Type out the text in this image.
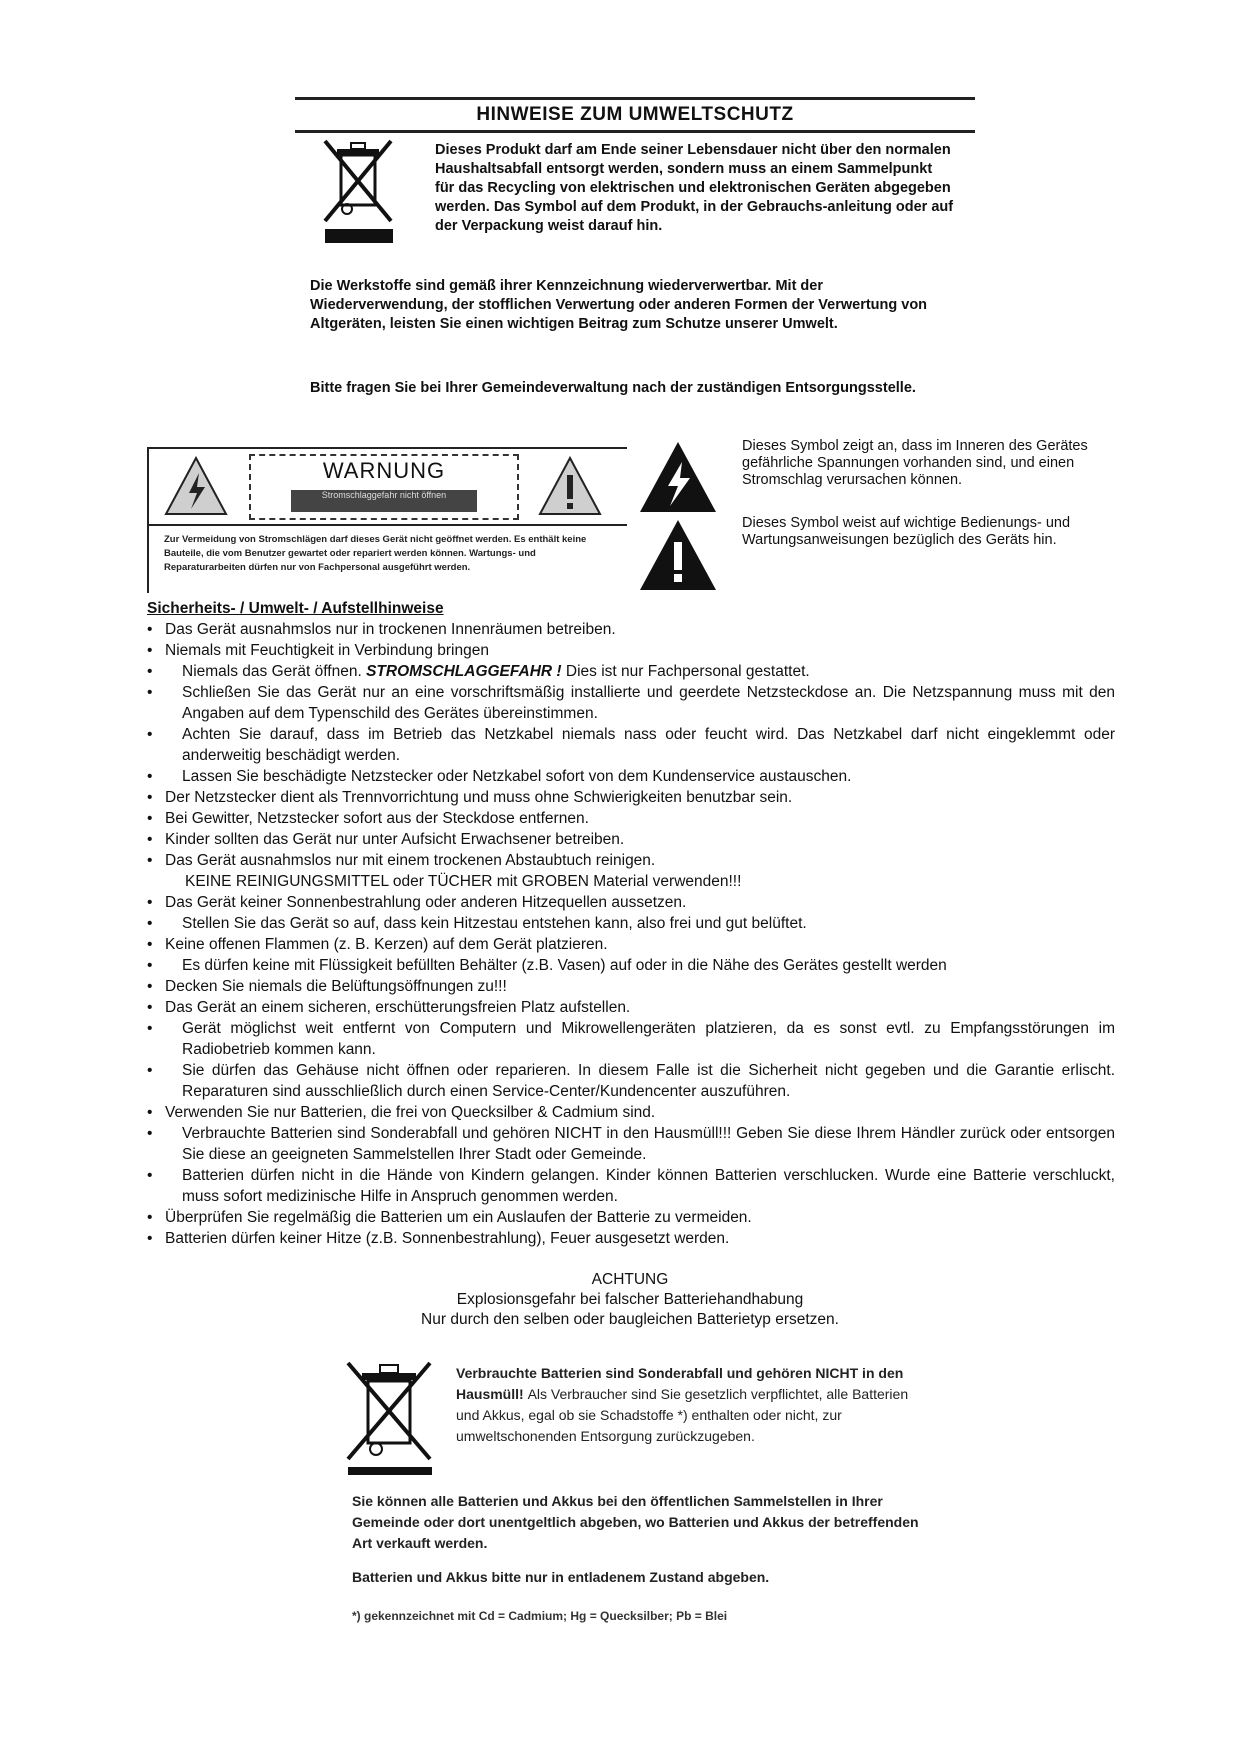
HINWEISE ZUM UMWELTSCHUTZ
Dieses Produkt darf am Ende seiner Lebensdauer nicht über den normalen Haushaltsabfall entsorgt werden, sondern muss an einem Sammelpunkt für das Recycling von elektrischen und elektronischen Geräten abgegeben werden. Das Symbol auf dem Produkt, in der Gebrauchs-anleitung oder auf der Verpackung weist darauf hin.
Die Werkstoffe sind gemäß ihrer Kennzeichnung wiederverwertbar. Mit der Wiederverwendung, der stofflichen Verwertung oder anderen Formen der Verwertung von Altgeräten, leisten Sie einen wichtigen Beitrag zum Schutze unserer Umwelt.
Bitte fragen Sie bei Ihrer Gemeindeverwaltung nach der zuständigen Entsorgungsstelle.
WARNUNG
Stromschlaggefahr nicht öffnen
Zur Vermeidung von Stromschlägen darf dieses Gerät nicht geöffnet werden. Es enthält keine Bauteile, die vom Benutzer gewartet oder repariert werden können. Wartungs- und Reparaturarbeiten dürfen nur von Fachpersonal ausgeführt werden.
Dieses Symbol zeigt an, dass im Inneren des Gerätes gefährliche Spannungen vorhanden sind, und einen Stromschlag verursachen können.
Dieses Symbol weist auf wichtige Bedienungs- und Wartungsanweisungen bezüglich des Geräts hin.
Sicherheits- / Umwelt- / Aufstellhinweise
• Das Gerät ausnahmslos nur in trockenen Innenräumen betreiben.
• Niemals mit Feuchtigkeit in Verbindung bringen
• Niemals das Gerät öffnen. STROMSCHLAGGEFAHR ! Dies ist nur Fachpersonal gestattet.
• Schließen Sie das Gerät nur an eine vorschriftsmäßig installierte und geerdete Netzsteckdose an. Die Netzspannung muss mit den Angaben auf dem Typenschild des Gerätes übereinstimmen.
• Achten Sie darauf, dass im Betrieb das Netzkabel niemals nass oder feucht wird. Das Netzkabel darf nicht eingeklemmt oder anderweitig beschädigt werden.
• Lassen Sie beschädigte Netzstecker oder Netzkabel sofort von dem Kundenservice austauschen.
• Der Netzstecker dient als Trennvorrichtung und muss ohne Schwierigkeiten benutzbar sein.
• Bei Gewitter, Netzstecker sofort aus der Steckdose entfernen.
• Kinder sollten das Gerät nur unter Aufsicht Erwachsener betreiben.
• Das Gerät ausnahmslos nur mit einem trockenen Abstaubtuch reinigen.
KEINE REINIGUNGSMITTEL oder TÜCHER mit GROBEN Material verwenden!!!
• Das Gerät keiner Sonnenbestrahlung oder anderen Hitzequellen aussetzen.
• Stellen Sie das Gerät so auf, dass kein Hitzestau entstehen kann, also frei und gut belüftet.
• Keine offenen Flammen (z. B. Kerzen) auf dem Gerät platzieren.
• Es dürfen keine mit Flüssigkeit befüllten Behälter (z.B. Vasen) auf oder in die Nähe des Gerätes gestellt werden
• Decken Sie niemals die Belüftungsöffnungen zu!!!
• Das Gerät an einem sicheren, erschütterungsfreien Platz aufstellen.
• Gerät möglichst weit entfernt von Computern und Mikrowellengeräten platzieren, da es sonst evtl. zu Empfangsstörungen im Radiobetrieb kommen kann.
• Sie dürfen das Gehäuse nicht öffnen oder reparieren. In diesem Falle ist die Sicherheit nicht gegeben und die Garantie erlischt. Reparaturen sind ausschließlich durch einen Service-Center/Kundencenter auszuführen.
• Verwenden Sie nur Batterien, die frei von Quecksilber & Cadmium sind.
• Verbrauchte Batterien sind Sonderabfall und gehören NICHT in den Hausmüll!!! Geben Sie diese Ihrem Händler zurück oder entsorgen Sie diese an geeigneten Sammelstellen Ihrer Stadt oder Gemeinde.
• Batterien dürfen nicht in die Hände von Kindern gelangen. Kinder können Batterien verschlucken. Wurde eine Batterie verschluckt, muss sofort medizinische Hilfe in Anspruch genommen werden.
• Überprüfen Sie regelmäßig die Batterien um ein Auslaufen der Batterie zu vermeiden.
• Batterien dürfen keiner Hitze (z.B. Sonnenbestrahlung), Feuer ausgesetzt werden.
ACHTUNG
Explosionsgefahr bei falscher Batteriehandhabung
Nur durch den selben oder baugleichen Batterietyp ersetzen.
Verbrauchte Batterien sind Sonderabfall und gehören NICHT in den Hausmüll! Als Verbraucher sind Sie gesetzlich verpflichtet, alle Batterien und Akkus, egal ob sie Schadstoffe *) enthalten oder nicht, zur umweltschonenden Entsorgung zurückzugeben.
Sie können alle Batterien und Akkus bei den öffentlichen Sammelstellen in Ihrer Gemeinde oder dort unentgeltlich abgeben, wo Batterien und Akkus der betreffenden Art verkauft werden.
Batterien und Akkus bitte nur in entladenem Zustand abgeben.
*) gekennzeichnet mit Cd = Cadmium; Hg = Quecksilber; Pb = Blei
